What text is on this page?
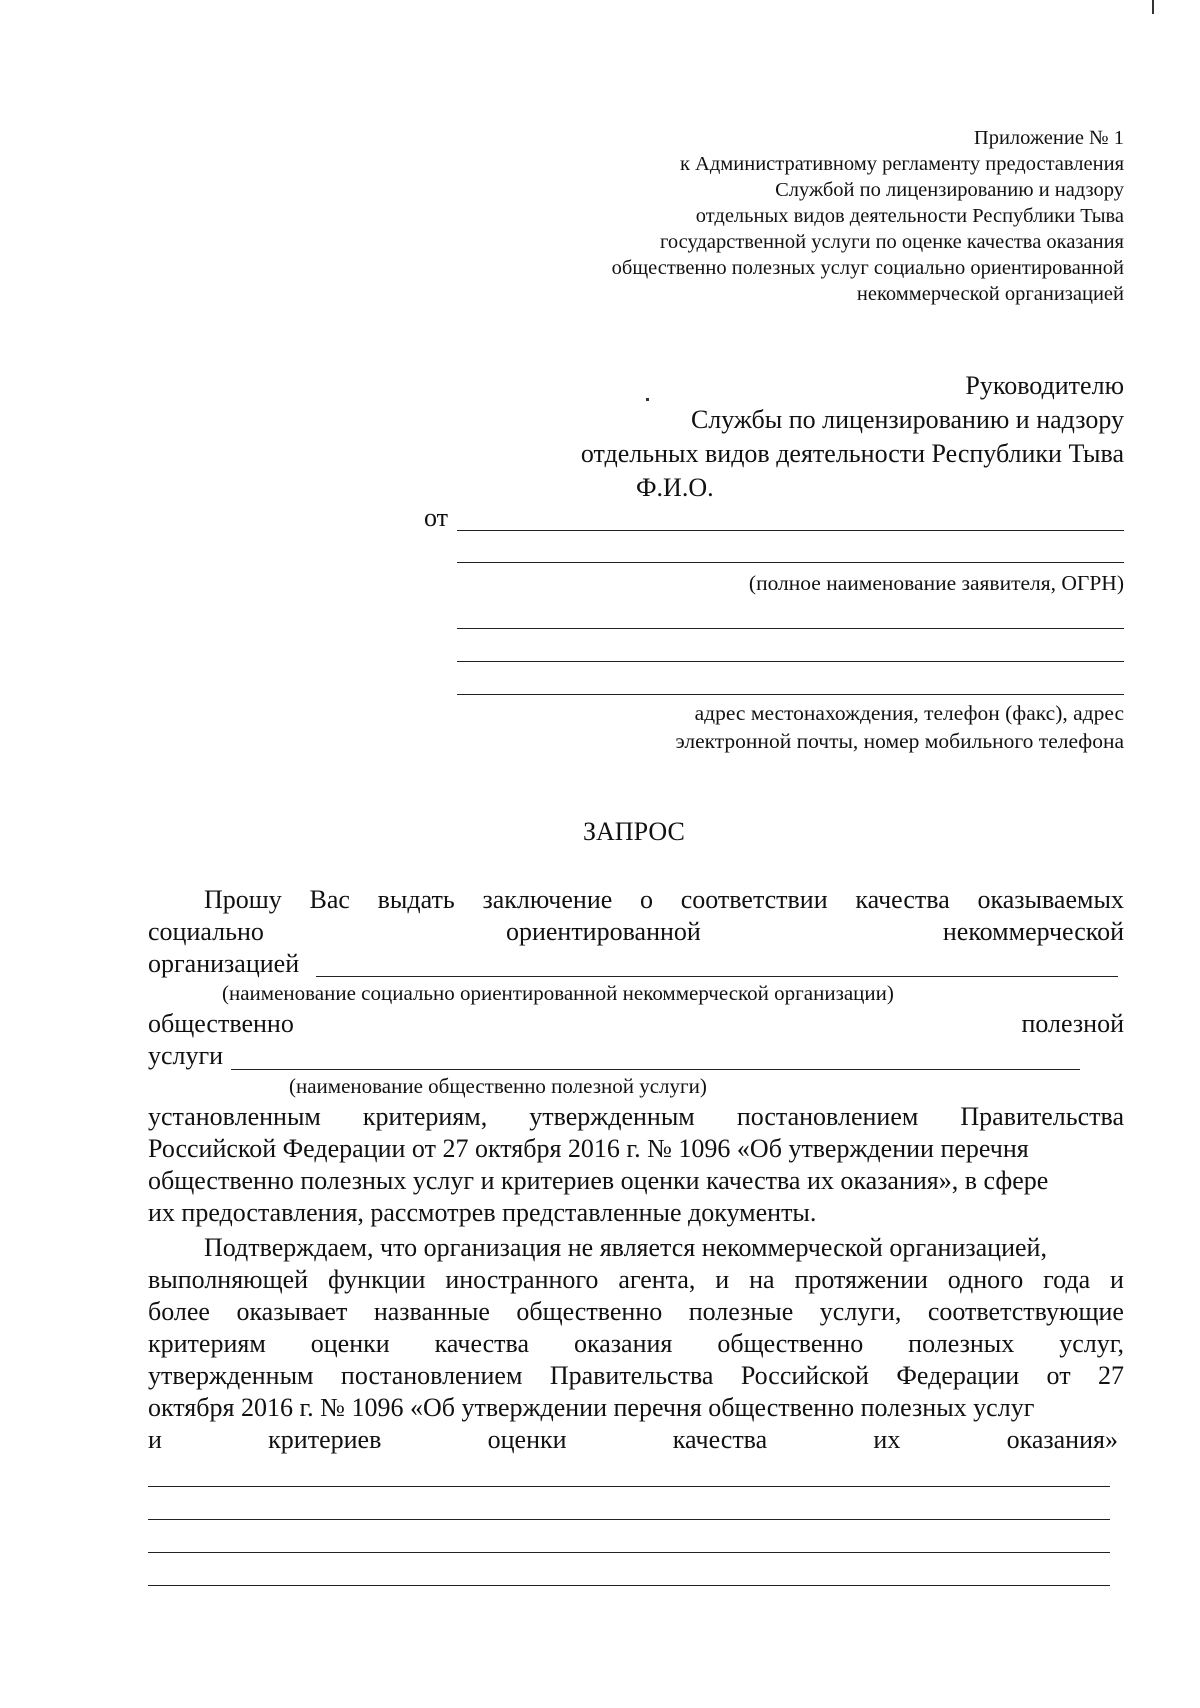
Приложение № 1
к Административному регламенту предоставления
Службой по лицензированию и надзору
отдельных видов деятельности Республики Тыва
государственной услуги по оценке качества оказания
общественно полезных услуг социально ориентированной
некоммерческой организацией
Руководителю
Службы по лицензированию и надзору
отдельных видов деятельности Республики Тыва
Ф.И.О.
от
(полное наименование заявителя, ОГРН)
адрес местонахождения, телефон (факс), адрес
электронной почты, номер мобильного телефона
ЗАПРОС
Прошу Вас выдать заключение о соответствии качества оказываемых
социально	ориентированной	некоммерческой
организацией
(наименование социально ориентированной некоммерческой организации)
общественно	полезной
услуги
(наименование общественно полезной услуги)
установленным критериям, утвержденным постановлением Правительства
Российской Федерации от 27 октября 2016 г. № 1096 «Об утверждении перечня
общественно полезных услуг и критериев оценки качества их оказания», в сфере
их предоставления, рассмотрев представленные документы.
Подтверждаем, что организация не является некоммерческой организацией,
выполняющей функции иностранного агента, и на протяжении одного года и
более оказывает названные общественно полезные услуги, соответствующие
критериям оценки качества оказания общественно полезных услуг,
утвержденным постановлением Правительства Российской Федерации от 27
октября 2016 г. № 1096 «Об утверждении перечня общественно полезных услуг
и	критериев	оценки	качества	их	оказания»
